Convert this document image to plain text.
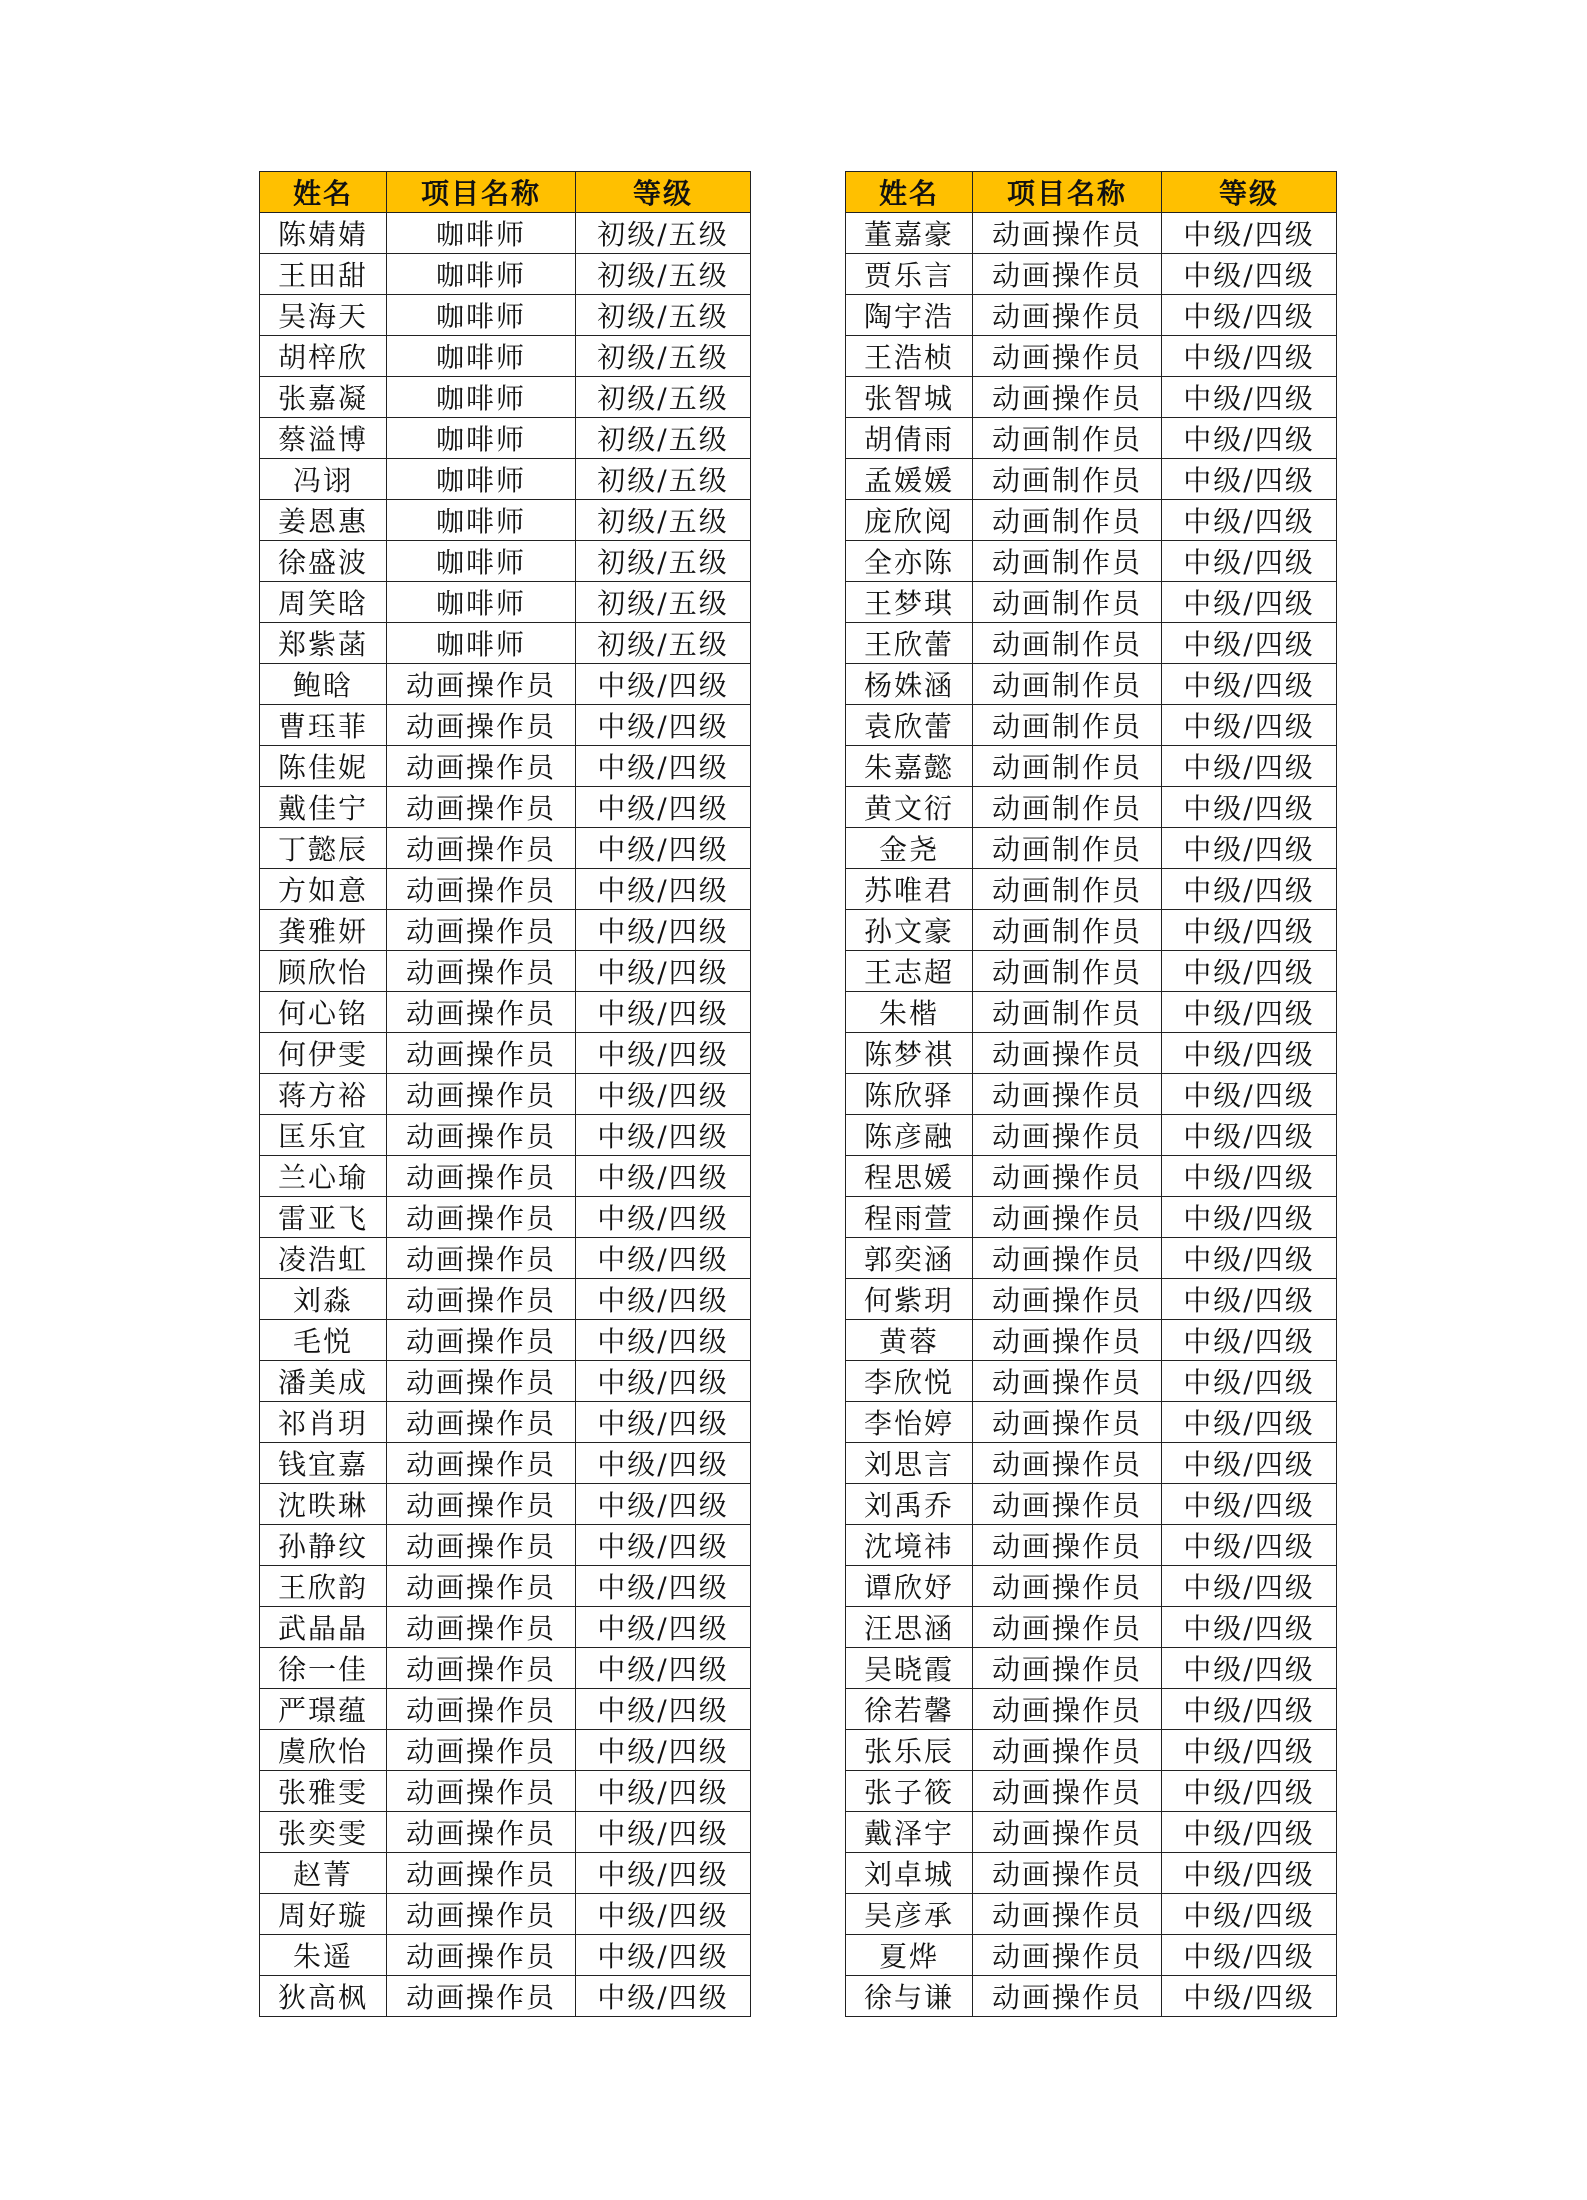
姓名	项目名称	等级
陈婧婧	咖啡师	初级/五级
王田甜	咖啡师	初级/五级
吴海天	咖啡师	初级/五级
胡梓欣	咖啡师	初级/五级
张嘉凝	咖啡师	初级/五级
蔡溢博	咖啡师	初级/五级
冯诩	咖啡师	初级/五级
姜恩惠	咖啡师	初级/五级
徐盛波	咖啡师	初级/五级
周笑晗	咖啡师	初级/五级
郑紫菡	咖啡师	初级/五级
鲍晗	动画操作员	中级/四级
曹珏菲	动画操作员	中级/四级
陈佳妮	动画操作员	中级/四级
戴佳宁	动画操作员	中级/四级
丁懿辰	动画操作员	中级/四级
方如意	动画操作员	中级/四级
龚雅妍	动画操作员	中级/四级
顾欣怡	动画操作员	中级/四级
何心铭	动画操作员	中级/四级
何伊雯	动画操作员	中级/四级
蒋方裕	动画操作员	中级/四级
匡乐宜	动画操作员	中级/四级
兰心瑜	动画操作员	中级/四级
雷亚飞	动画操作员	中级/四级
凌浩虹	动画操作员	中级/四级
刘淼	动画操作员	中级/四级
毛悦	动画操作员	中级/四级
潘美成	动画操作员	中级/四级
祁肖玥	动画操作员	中级/四级
钱宜嘉	动画操作员	中级/四级
沈昳琳	动画操作员	中级/四级
孙静纹	动画操作员	中级/四级
王欣韵	动画操作员	中级/四级
武晶晶	动画操作员	中级/四级
徐一佳	动画操作员	中级/四级
严璟蕴	动画操作员	中级/四级
虞欣怡	动画操作员	中级/四级
张雅雯	动画操作员	中级/四级
张奕雯	动画操作员	中级/四级
赵菁	动画操作员	中级/四级
周好璇	动画操作员	中级/四级
朱遥	动画操作员	中级/四级
狄高枫	动画操作员	中级/四级
姓名	项目名称	等级
董嘉豪	动画操作员	中级/四级
贾乐言	动画操作员	中级/四级
陶宇浩	动画操作员	中级/四级
王浩桢	动画操作员	中级/四级
张智城	动画操作员	中级/四级
胡倩雨	动画制作员	中级/四级
孟媛媛	动画制作员	中级/四级
庞欣阅	动画制作员	中级/四级
全亦陈	动画制作员	中级/四级
王梦琪	动画制作员	中级/四级
王欣蕾	动画制作员	中级/四级
杨姝涵	动画制作员	中级/四级
袁欣蕾	动画制作员	中级/四级
朱嘉懿	动画制作员	中级/四级
黄文衍	动画制作员	中级/四级
金尧	动画制作员	中级/四级
苏唯君	动画制作员	中级/四级
孙文豪	动画制作员	中级/四级
王志超	动画制作员	中级/四级
朱楷	动画制作员	中级/四级
陈梦祺	动画操作员	中级/四级
陈欣驿	动画操作员	中级/四级
陈彦融	动画操作员	中级/四级
程思媛	动画操作员	中级/四级
程雨萱	动画操作员	中级/四级
郭奕涵	动画操作员	中级/四级
何紫玥	动画操作员	中级/四级
黄蓉	动画操作员	中级/四级
李欣悦	动画操作员	中级/四级
李怡婷	动画操作员	中级/四级
刘思言	动画操作员	中级/四级
刘禹乔	动画操作员	中级/四级
沈境祎	动画操作员	中级/四级
谭欣妤	动画操作员	中级/四级
汪思涵	动画操作员	中级/四级
吴晓霞	动画操作员	中级/四级
徐若馨	动画操作员	中级/四级
张乐辰	动画操作员	中级/四级
张子筱	动画操作员	中级/四级
戴泽宇	动画操作员	中级/四级
刘卓城	动画操作员	中级/四级
吴彦承	动画操作员	中级/四级
夏烨	动画操作员	中级/四级
徐与谦	动画操作员	中级/四级
